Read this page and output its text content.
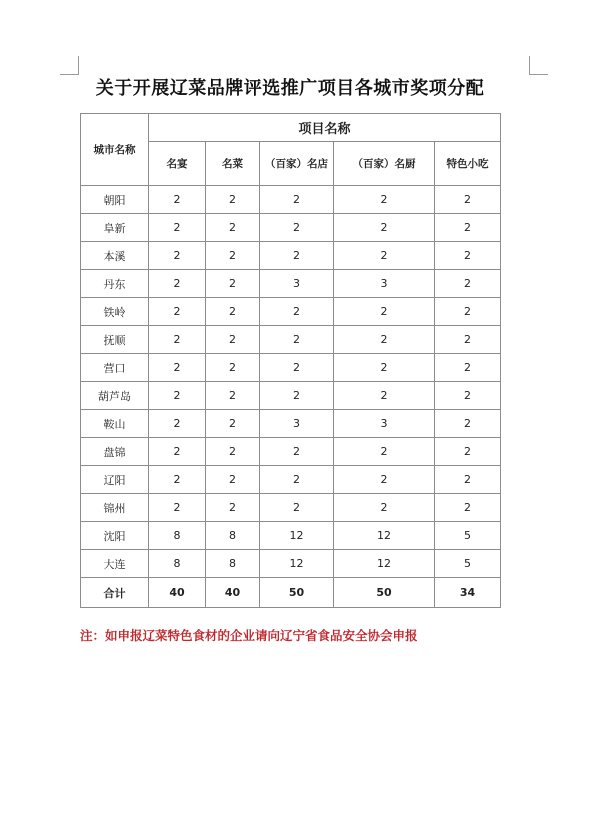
关于开展辽菜品牌评选推广项目各城市奖项分配
城市名称	项目名称				
	名宴	名菜	（百家）名店	（百家）名厨	特色小吃
朝阳	2	2	2	2	2
阜新	2	2	2	2	2
本溪	2	2	2	2	2
丹东	2	2	3	3	2
铁岭	2	2	2	2	2
抚顺	2	2	2	2	2
营口	2	2	2	2	2
葫芦岛	2	2	2	2	2
鞍山	2	2	3	3	2
盘锦	2	2	2	2	2
辽阳	2	2	2	2	2
锦州	2	2	2	2	2
沈阳	8	8	12	12	5
大连	8	8	12	12	5
合计	40	40	50	50	34

注：如申报辽菜特色食材的企业请向辽宁省食品安全协会申报
